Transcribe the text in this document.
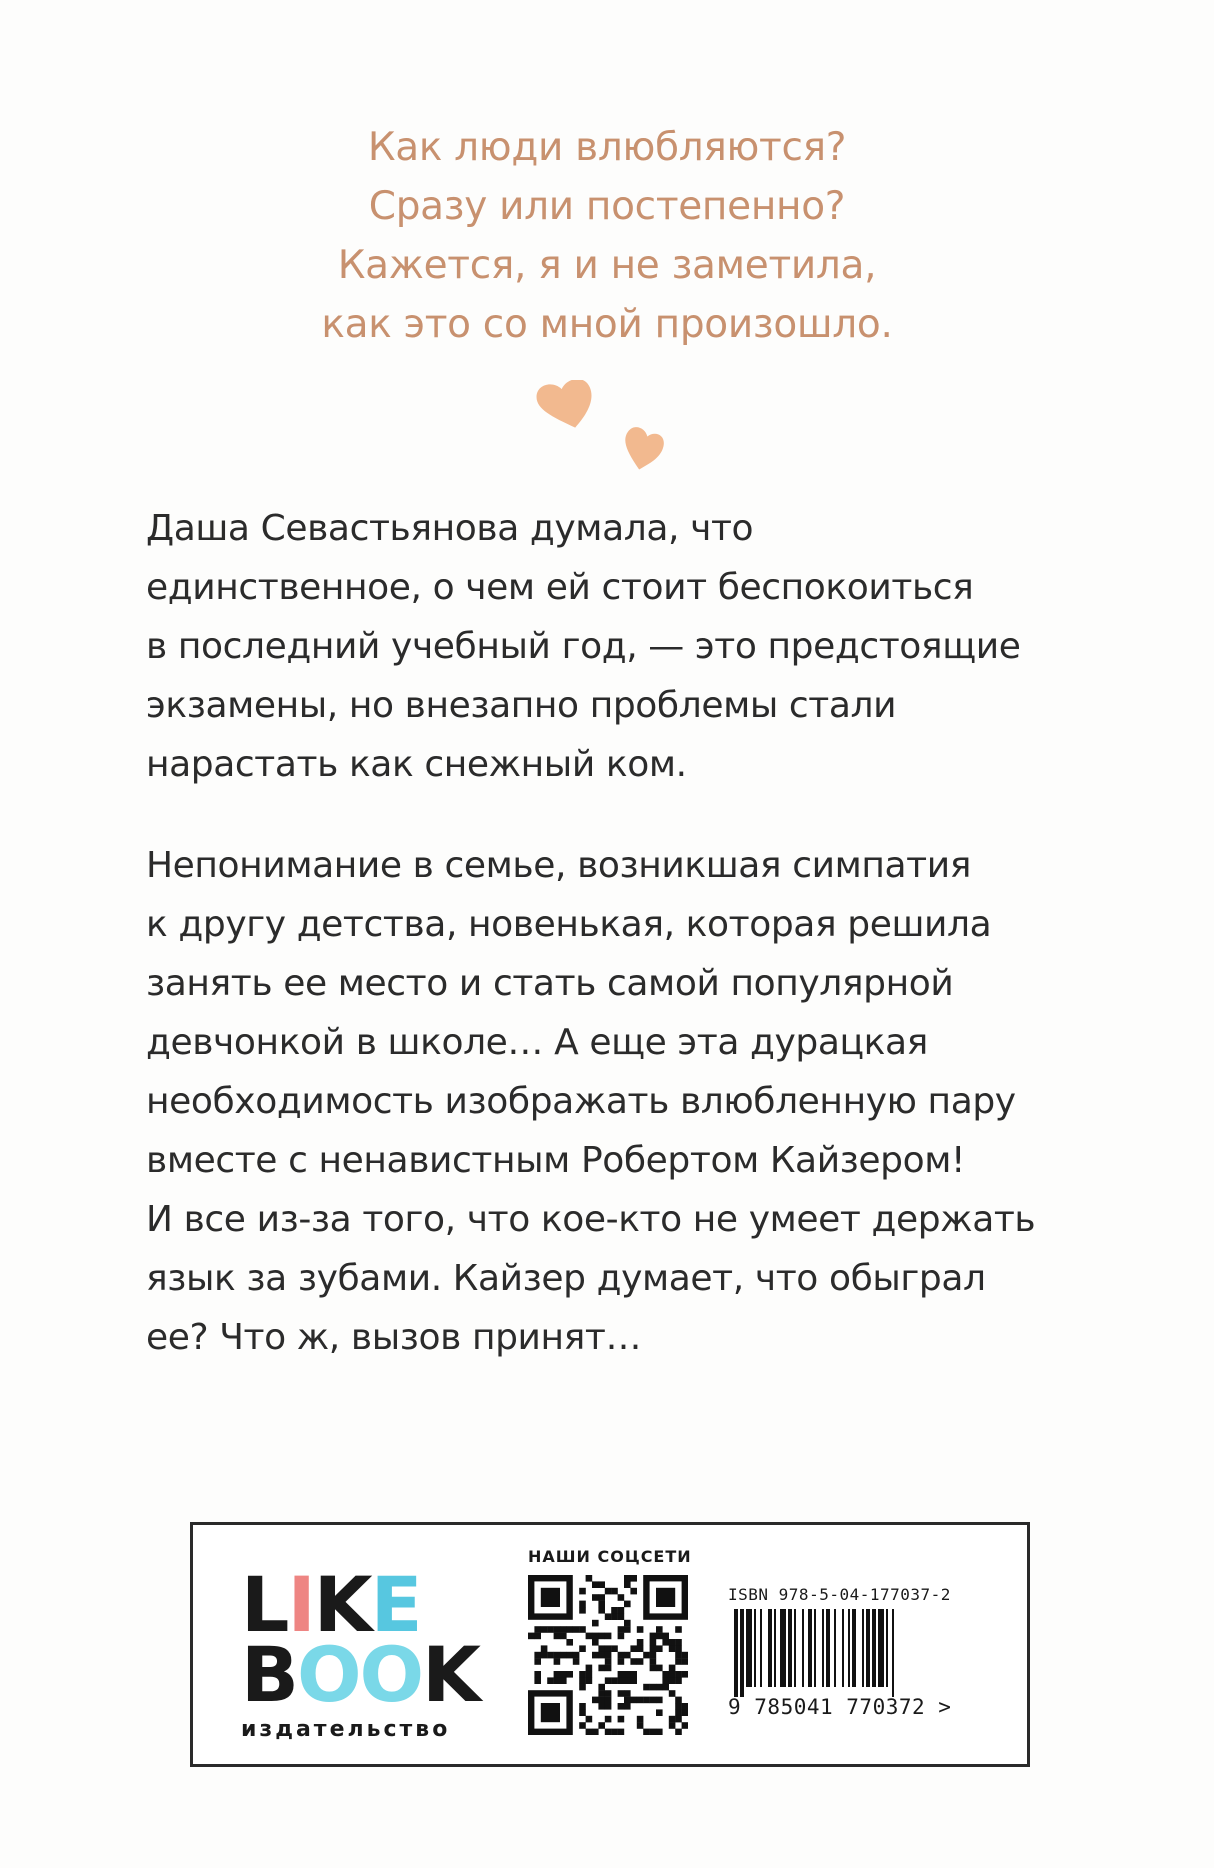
Как люди влюбляются?
Сразу или постепенно?
Кажется, я и не заметила,
как это со мной произошло.
Даша Севастьянова думала, что
единственное, о чем ей стоит беспокоиться
в последний учебный год, — это предстоящие
экзамены, но внезапно проблемы стали
нарастать как снежный ком.
Непонимание в семье, возникшая симпатия
к другу детства, новенькая, которая решила
занять ее место и стать самой популярной
девчонкой в школе… А еще эта дурацкая
необходимость изображать влюбленную пару
вместе с ненавистным Робертом Кайзером!
И все из-за того, что кое-кто не умеет держать
язык за зубами. Кайзер думает, что обыграл
ее? Что ж, вызов принят…
LIKE
BOOK
издательство
НАШИ СОЦСЕТИ
ISBN 978-5-04-177037-2
9 785041 770372 >
